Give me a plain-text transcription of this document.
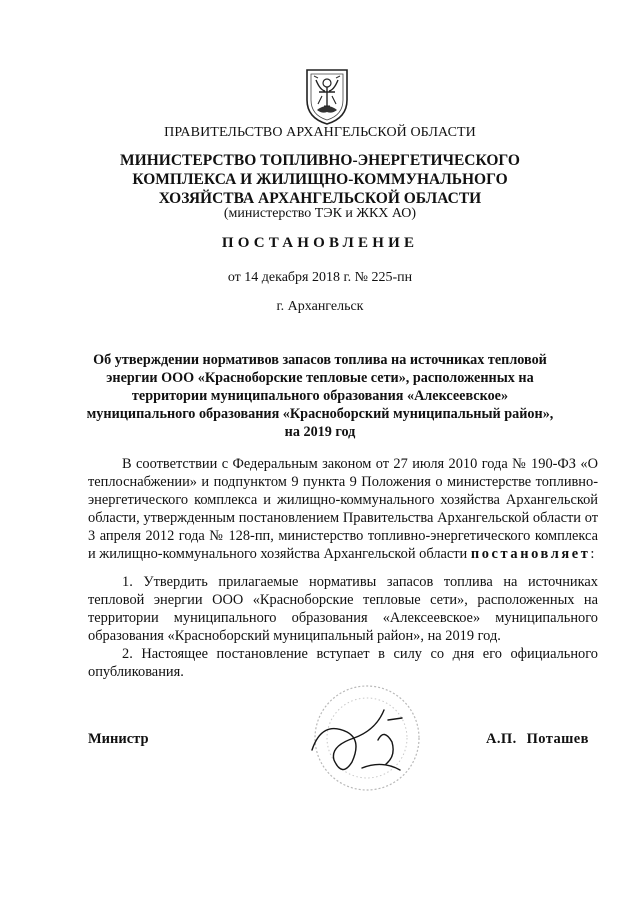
ПРАВИТЕЛЬСТВО АРХАНГЕЛЬСКОЙ ОБЛАСТИ
МИНИСТЕРСТВО ТОПЛИВНО-ЭНЕРГЕТИЧЕСКОГО
КОМПЛЕКСА И ЖИЛИЩНО-КОММУНАЛЬНОГО
ХОЗЯЙСТВА АРХАНГЕЛЬСКОЙ ОБЛАСТИ
(министерство ТЭК и ЖКХ АО)
ПОСТАНОВЛЕНИЕ
от 14 декабря 2018 г. № 225-пн
г. Архангельск
Об утверждении нормативов запасов топлива на источниках тепловой
энергии ООО «Красноборские тепловые сети», расположенных на
территории муниципального образования «Алексеевское»
муниципального образования «Красноборский муниципальный район»,
на 2019 год

В соответствии с Федеральным законом от 27 июля 2010 года № 190-ФЗ «О теплоснабжении» и подпунктом 9 пункта 9 Положения о министерстве топливно-энергетического комплекса и жилищно-коммунального хозяйства Архангельской области, утвержденным постановлением Правительства Архангельской области от 3 апреля 2012 года № 128-пп, министерство топливно-энергетического комплекса и жилищно-коммунального хозяйства Архангельской области постановляет:

1. Утвердить прилагаемые нормативы запасов топлива на источниках тепловой энергии ООО «Красноборские тепловые сети», расположенных на территории муниципального образования «Алексеевское» муниципального образования «Красноборский муниципальный район», на 2019 год.

2. Настоящее постановление вступает в силу со дня его официального опубликования.

Министр	А.П. Поташев
